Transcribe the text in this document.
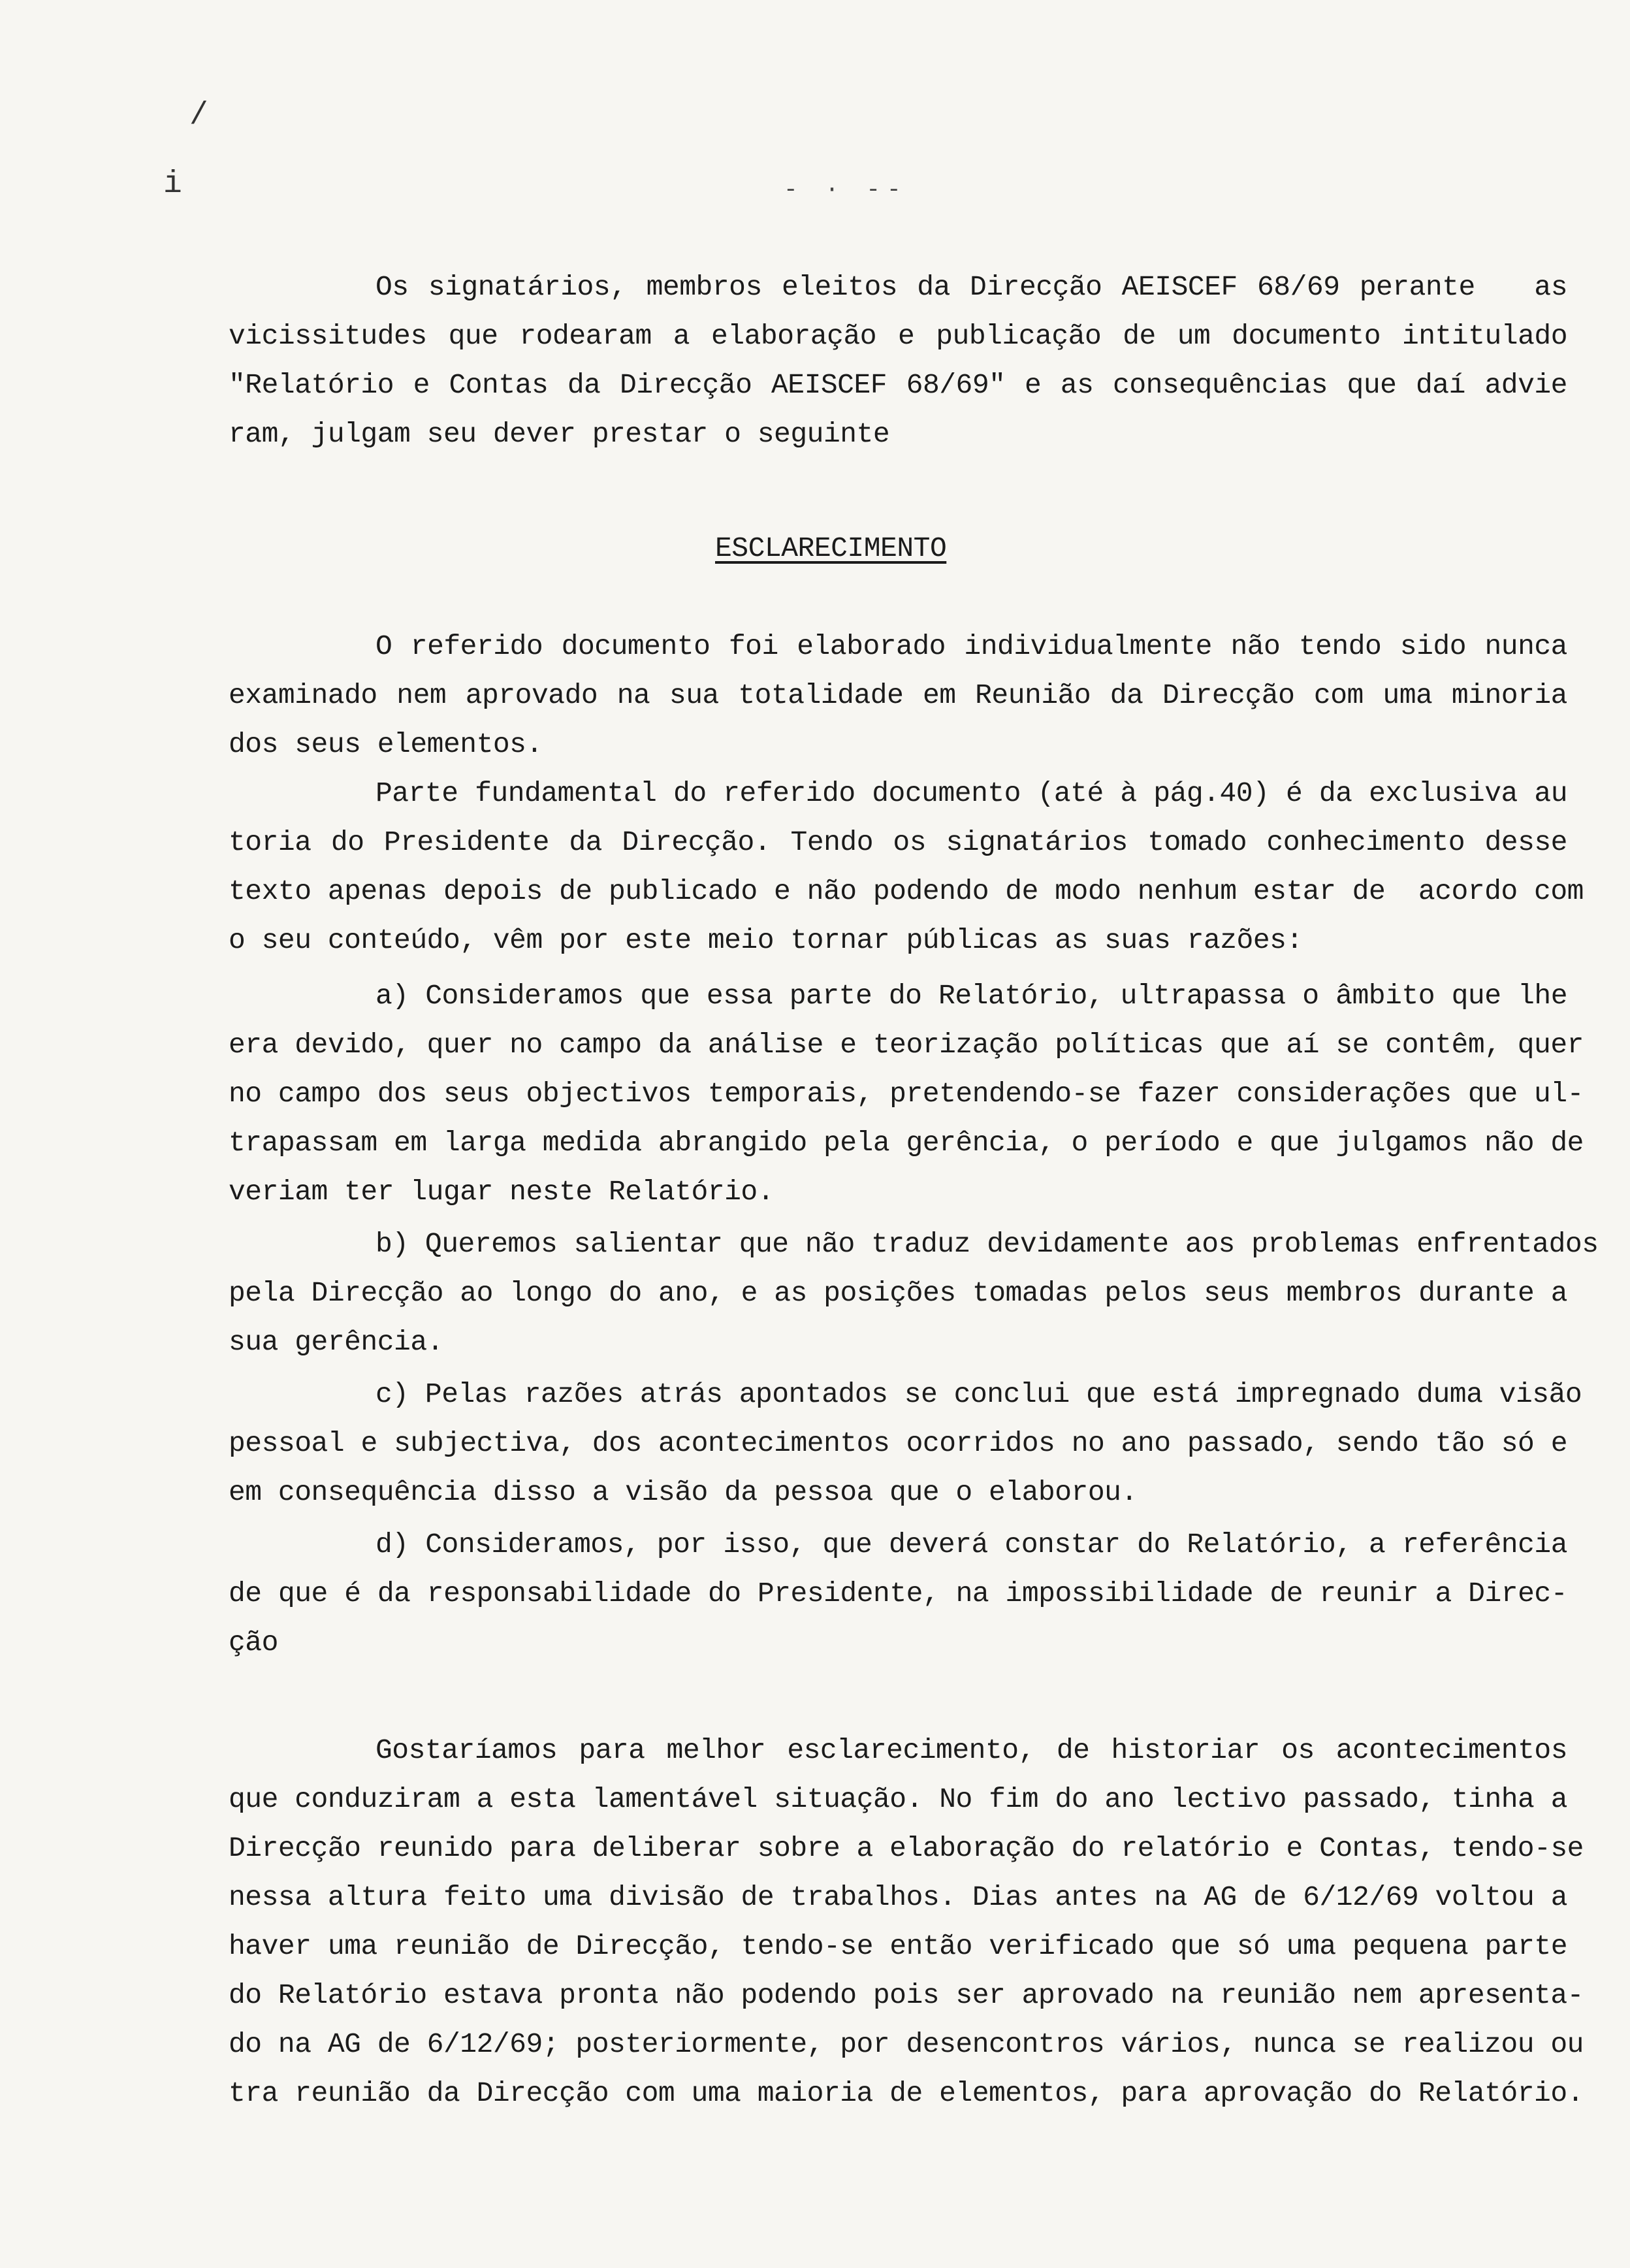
/
i	- · --
Os signatários, membros eleitos da Direcção AEISCEF 68/69 perante   as
vicissitudes que rodearam a elaboração e publicação de um documento intitulado
"Relatório e Contas da Direcção AEISCEF 68/69" e as consequências que daí advie
ram, julgam seu dever prestar o seguinte
ESCLARECIMENTO
O referido documento foi elaborado individualmente não tendo sido nunca
examinado nem aprovado na sua totalidade em Reunião da Direcção com uma minoria
dos seus elementos.
Parte fundamental do referido documento (até à pág.40) é da exclusiva au
toria do Presidente da Direcção. Tendo os signatários tomado conhecimento desse
texto apenas depois de publicado e não podendo de modo nenhum estar de  acordo com
o seu conteúdo, vêm por este meio tornar públicas as suas razões:
a) Consideramos que essa parte do Relatório, ultrapassa o âmbito que lhe
era devido, quer no campo da análise e teorização políticas que aí se contêm, quer
no campo dos seus objectivos temporais, pretendendo-se fazer considerações que ul-
trapassam em larga medida abrangido pela gerência, o período e que julgamos não de
veriam ter lugar neste Relatório.
b) Queremos salientar que não traduz devidamente aos problemas enfrentados
pela Direcção ao longo do ano, e as posições tomadas pelos seus membros durante a
sua gerência.
c) Pelas razões atrás apontados se conclui que está impregnado duma visão
pessoal e subjectiva, dos acontecimentos ocorridos no ano passado, sendo tão só e
em consequência disso a visão da pessoa que o elaborou.
d) Consideramos, por isso, que deverá constar do Relatório, a referência
de que é da responsabilidade do Presidente, na impossibilidade de reunir a Direc-
ção
Gostaríamos para melhor esclarecimento, de historiar os acontecimentos
que conduziram a esta lamentável situação. No fim do ano lectivo passado, tinha a
Direcção reunido para deliberar sobre a elaboração do relatório e Contas, tendo-se
nessa altura feito uma divisão de trabalhos. Dias antes na AG de 6/12/69 voltou a
haver uma reunião de Direcção, tendo-se então verificado que só uma pequena parte
do Relatório estava pronta não podendo pois ser aprovado na reunião nem apresenta-
do na AG de 6/12/69; posteriormente, por desencontros vários, nunca se realizou ou
tra reunião da Direcção com uma maioria de elementos, para aprovação do Relatório.
